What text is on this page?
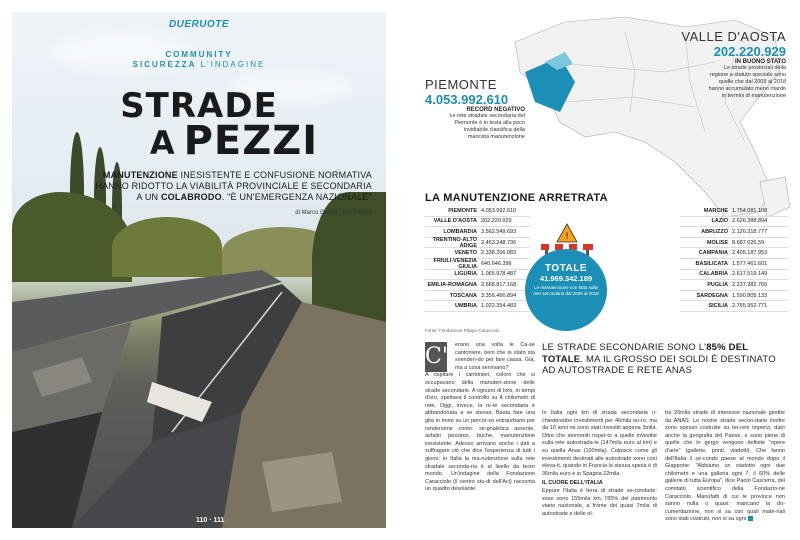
DUERUOTE
COMMUNITY
SICUREZZA L'INDAGINE
STRADE
A PEZZI
MANUTENZIONE INESISTENTE E CONFUSIONE NORMATIVA
HANNO RIDOTTO LA VIABILITÀ PROVINCIALE E SECONDARIA
A UN COLABRODO. "È UN'EMERGENZA NAZIONALE"
di Marco Gentili · foto Fotolia
110 · 111
VALLE D'AOSTA
202.220.929
IN BUONO STATO
Le strade provinciali della regione a statuto speciale sono quelle che dal 2009 al 2018 hanno accumulato meno ritardo in termini di manutenzione
PIEMONTE
4.053.992.610
RECORD NEGATIVO
Le rete stradale secondaria del Piemonte è in testa alla poco invidiabile classifica della mancata manutenzione
LA MANUTENZIONE ARRETRATA
PIEMONTE 4.053.992.610
VALLE D'AOSTA 202.220.929
LOMBARDIA 3.562.549.693
TRENTINO-ALTO ADIGE 2.463.248.736
VENETO 2.338.266.083
FRIULI-VENEZIA GIULIA 640.646.396
LIGURIA 1.065.978.487
EMILIA-ROMAGNA 2.668.817.168
TOSCANA 3.356.466.894
UMBRIA 1.022.354.483
MARCHE 1.754.081.100
LAZIO 2.626.388.894
ABRUZZO 2.126.318.777
MOLISE 8.687.026.59
CAMPANIA 2.405.187.953
BASILICATA 1.577.461.601
CALABRIA 2.617.519.149
PUGLIA 2.237.382.766
SARDEGNA 1.590.805.133
SICILIA 2.765.952.771
!
TOTALE
41.969.342.189
Le manutenzione non fatta sulla rete secondaria dal 2009 al 2018
Fonte: Fondazione Filippo Caracciolo
C'	erano una volta le Ca-se cantoniere, beni che lo stato sta svenden-do per fare cassa. Già, ma a cosa servivano?
A ospitare i cantonieri, coloro che si occupavano della manuten-zione delle strade secondarie. A ognuno di loro, in tempi d'oro, spettava il controllo su 4 chilometri di rete. Oggi, invece, la re-te secondaria è abbandonata a se stessa. Basta fare una gita in moto su un percor-so extraurbano per rendersene conto: se-gnaletica assente, asfalto pessimo, buche, manutenzione inesistente. Adesso arrivano anche i dati a suffragare ciò che dice l'esperienza di tutti i giorni: in Italia la ma-nutenzione sulla rete stradale seconda-ria è al livello da terzo mondo. Un'indagine della Fondazione Caracciolo (il centro stu-di dell'Aci) racconta un quadro desolante.
LE STRADE SECONDARIE SONO L'85% DEL TOTALE. MA IL GROSSO DEI SOLDI È DESTINATO AD AUTOSTRADE E RETE ANAS
In Italia ogni km di strada secondaria ri-chiederebbe investimenti per 46mila eu-ro, ma da 10 anni ne sono stati investiti appena 3mila. Oltre che ammoniti rispet-to a quelle investite sulla rete autostrada-le (147mila euro al km) e su quella Anas (100mila). Colpisce come gli investimenti destinati alle autostrade sono così eleva-ti, quando in Francia la stessa spesa è di 36mila euro e in Spagna 22mila.
IL CUORE DELL'ITALIA
Eppure l'Italia è terra di strade se-condarie: esse sono 155mila km, l'85% del patrimonio viario nazionale, a fronte dei quasi 7mila di autostrade e delle ol-
tre 20mila strade di interesse nazionale gestite da ANAS. Le nostre strade secon-darie inoltre sono spesso costruite su ter-reni impervi, dato anche la geografia del Paese, e sono piene di quelle che in gergo vengono definite "opere d'arte" (gallerie, ponti, viadotti). Che fanno dell'Italia il se-condo paese al mondo dopo il Giappone: "Abbiamo un viadotto ogni due chilometri e una galleria ogni 7, il 60% delle gallerie di tutta Europa", dice Paolo Cascerra, del comitato scientifico della Fondazio-ne Caracciolo. Manufatti di cui le province non sanno nulla o quasi: mancano la do-cumentazione, non si sa con quali mate-riali sono stati costruiti, non si sa ogni
